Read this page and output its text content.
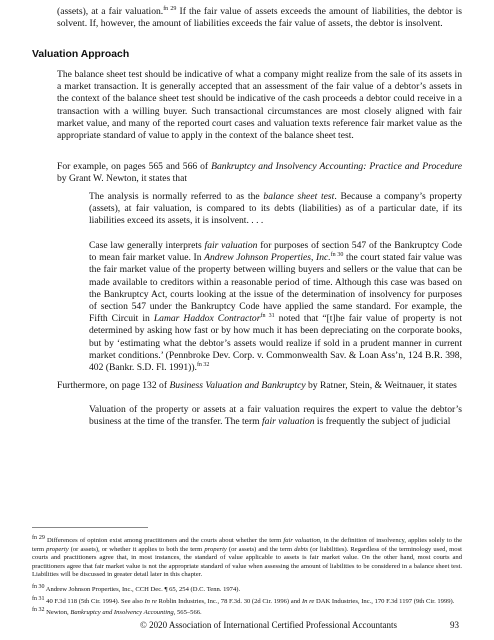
(assets), at a fair valuation.$^{fn 29}$ If the fair value of assets exceeds the amount of liabilities, the debtor is solvent. If, however, the amount of liabilities exceeds the fair value of assets, the debtor is insolvent.

Valuation Approach

The balance sheet test should be indicative of what a company might realize from the sale of its assets in a market transaction. It is generally accepted that an assessment of the fair value of a debtor’s assets in the context of the balance sheet test should be indicative of the cash proceeds a debtor could receive in a transaction with a willing buyer. Such transactional circumstances are most closely aligned with fair market value, and many of the reported court cases and valuation texts reference fair market value as the appropriate standard of value to apply in the context of the balance sheet test.

For example, on pages 565 and 566 of Bankruptcy and Insolvency Accounting: Practice and Procedure by Grant W. Newton, it states that

The analysis is normally referred to as the balance sheet test. Because a company’s property (assets), at fair valuation, is compared to its debts (liabilities) as of a particular date, if its liabilities exceed its assets, it is insolvent. . . .

Case law generally interprets fair valuation for purposes of section 547 of the Bankruptcy Code to mean fair market value. In Andrew Johnson Properties, Inc.$^{fn 30}$ the court stated fair value was the fair market value of the property between willing buyers and sellers or the value that can be made available to creditors within a reasonable period of time. Although this case was based on the Bankruptcy Act, courts looking at the issue of the determination of insolvency for purposes of section 547 under the Bankruptcy Code have applied the same standard. For example, the Fifth Circuit in Lamar Haddox Contractor$^{fn 31}$ noted that “[t]he fair value of property is not determined by asking how fast or by how much it has been depreciating on the corporate books, but by ‘estimating what the debtor’s assets would realize if sold in a prudent manner in current market conditions.’ (Pennbroke Dev. Corp. v. Commonwealth Sav. & Loan Ass’n, 124 B.R. 398, 402 (Bankr. S.D. Fl. 1991)).$^{fn 32}$

Furthermore, on page 132 of Business Valuation and Bankruptcy by Ratner, Stein, & Weitnauer, it states

Valuation of the property or assets at a fair valuation requires the expert to value the debtor’s business at the time of the transfer. The term fair valuation is frequently the subject of judicial

$^{fn 29}$ Differences of opinion exist among practitioners and the courts about whether the term fair valuation, in the definition of insolvency, applies solely to the term property (or assets), or whether it applies to both the term property (or assets) and the term debts (or liabilities). Regardless of the terminology used, most courts and practitioners agree that, in most instances, the standard of value applicable to assets is fair market value. On the other hand, most courts and practitioners agree that fair market value is not the appropriate standard of value when assessing the amount of liabilities to be considered in a balance sheet test. Liabilities will be discussed in greater detail later in this chapter.

$^{fn 30}$ Andrew Johnson Properties, Inc., CCH Dec. ¶ 65, 254 (D.C. Tenn. 1974).

$^{fn 31}$ 40 F.3d 118 (5th Cir. 1994). See also In re Roblin Industries, Inc., 78 F.3d. 30 (2d Cir. 1996) and In re DAK Industries, Inc., 170 F.3d 1197 (9th Cir. 1999).

$^{fn 32}$ Newton, Bankruptcy and Insolvency Accounting, 565–566.

© 2020 Association of International Certified Professional Accountants	93
